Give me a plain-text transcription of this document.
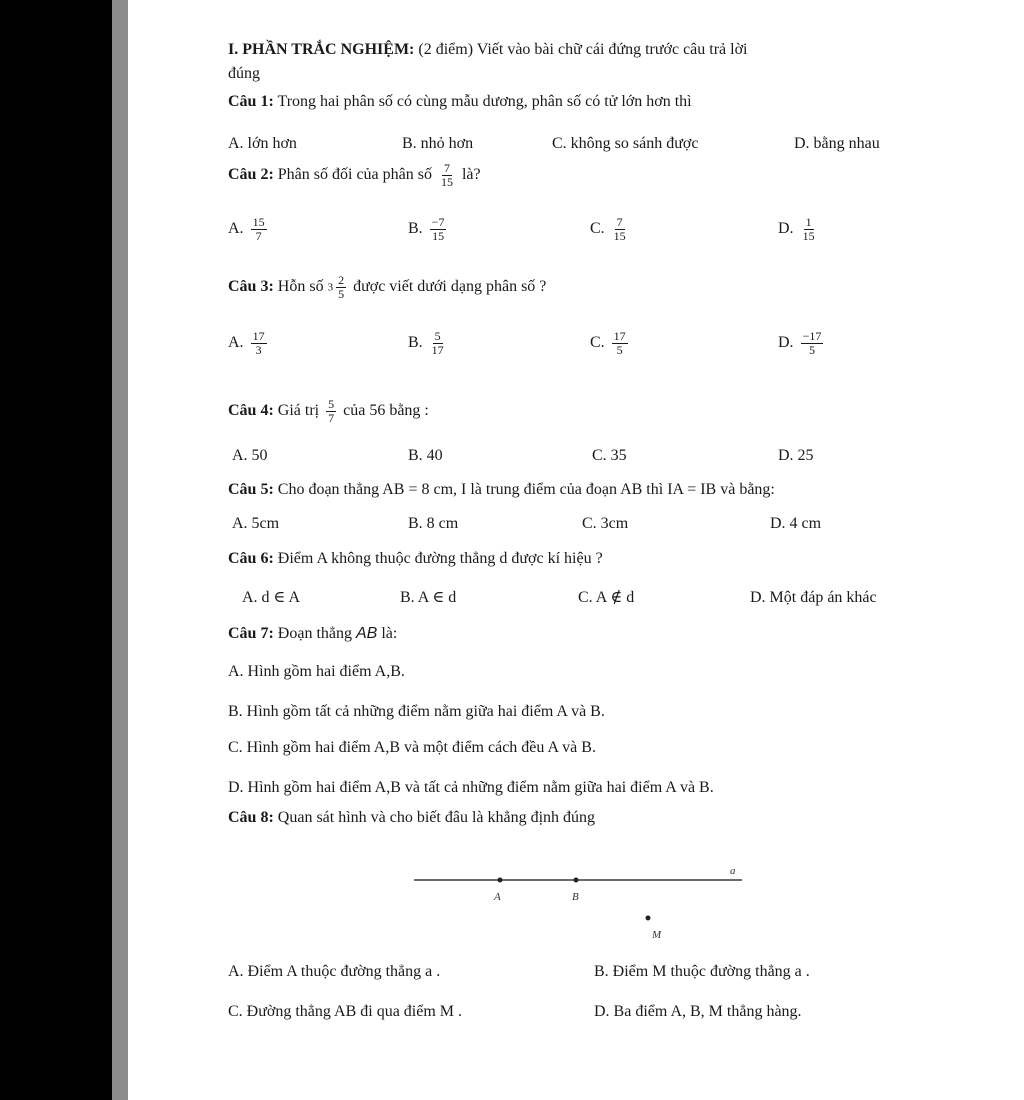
I. PHẦN TRẮC NGHIỆM: (2 điểm) Viết vào bài chữ cái đứng trước câu trả lời
đúng
Câu 1: Trong hai phân số có cùng mẫu dương, phân số có tử lớn hơn thì
A. lớn hơn	B. nhỏ hơn	C. không so sánh được	D. bằng nhau
Câu 2: Phân số đối của phân số $\frac{7}{15}$ là?
A. $\frac{15}{7}$	B. $\frac{-7}{15}$	C. $\frac{7}{15}$	D. $\frac{1}{15}$
Câu 3: Hỗn số $3 \frac{2}{5}$ được viết dưới dạng phân số ?
A. $\frac{17}{3}$	B. $\frac{5}{17}$	C. $\frac{17}{5}$	D. $\frac{-17}{5}$
Câu 4: Giá trị $\frac{5}{7}$ của 56 bằng :
A. 50	B. 40	C. 35	D. 25
Câu 5: Cho đoạn thẳng AB = 8 cm, I là trung điểm của đoạn AB thì IA = IB và bằng:
A. 5cm	B. 8 cm	C. 3cm	D. 4 cm
Câu 6: Điểm A không thuộc đường thẳng d được kí hiệu ?
A. d ∈ A	B. A ∈ d	C. A ∉ d	D. Một đáp án khác
Câu 7: Đoạn thẳng AB là:
A. Hình gồm hai điểm A,B.
B. Hình gồm tất cả những điểm nằm giữa hai điểm A và B.
C. Hình gồm hai điểm A,B và một điểm cách đều A và B.
D. Hình gồm hai điểm A,B và tất cả những điểm nằm giữa hai điểm A và B.
Câu 8: Quan sát hình và cho biết đâu là khẳng định đúng
a
A	B
M
A. Điểm A thuộc đường thẳng a .	B. Điểm M thuộc đường thẳng a .
C. Đường thẳng AB đi qua điểm M .	D. Ba điểm A, B, M thẳng hàng.
